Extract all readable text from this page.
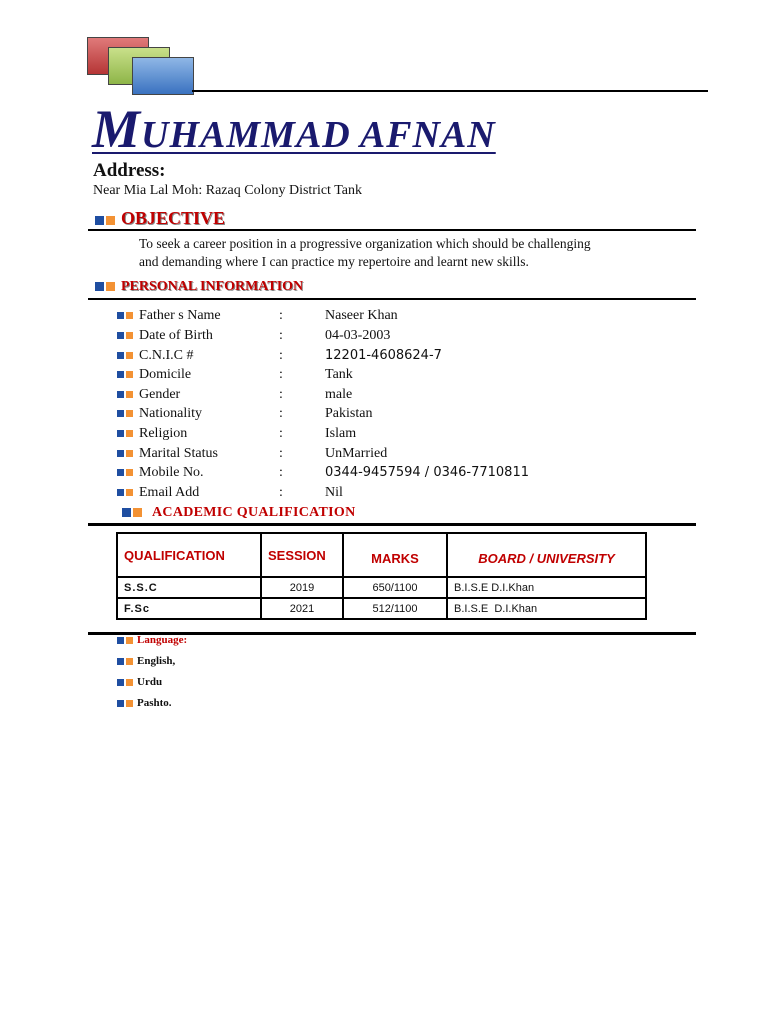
MUHAMMAD AFNAN
Address:
Near Mia Lal Moh: Razaq Colony District Tank
OBJECTIVE
To seek a career position in a progressive organization which should be challenging
and demanding where I can practice my repertoire and learnt new skills.
PERSONAL INFORMATION
Father s Name	:	Naseer Khan
Date of Birth	:	04-03-2003
C.N.I.C #	:	12201-4608624-7
Domicile	:	Tank
Gender	:	male
Nationality	:	Pakistan
Religion	:	Islam
Marital Status	:	UnMarried
Mobile No.	:	0344-9457594 / 0346-7710811
Email Add	:	Nil
ACADEMIC QUALIFICATION
QUALIFICATION	SESSION	MARKS	BOARD / UNIVERSITY
S.S.C	2019	650/1100	B.I.S.E D.I.Khan
F.Sc	2021	512/1100	B.I.S.E  D.I.Khan
Language:
English,
Urdu
Pashto.
